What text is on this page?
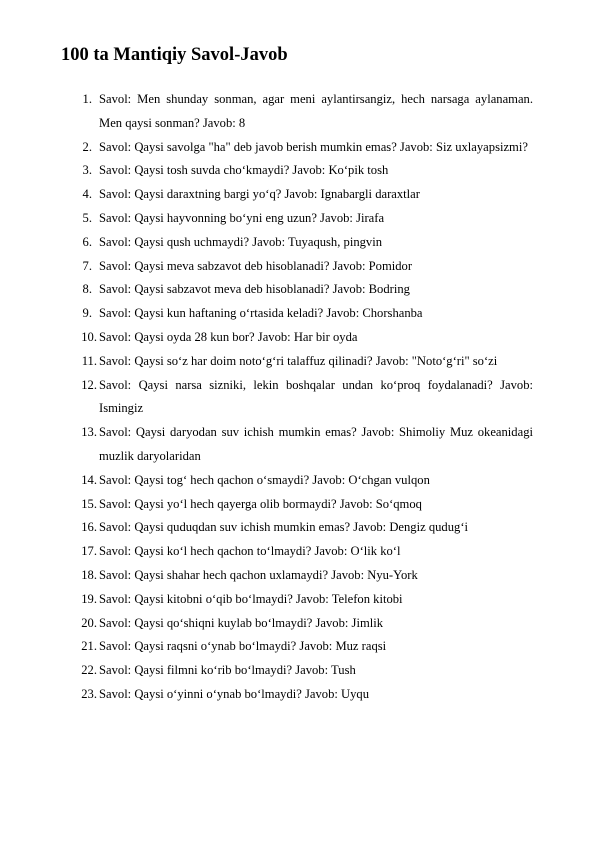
100 ta Mantiqiy Savol-Javob
1. Savol: Men shunday sonman, agar meni aylantirsangiz, hech narsaga aylanaman. Men qaysi sonman? Javob: 8
2. Savol: Qaysi savolga "ha" deb javob berish mumkin emas? Javob: Siz uxlayapsizmi?
3. Savol: Qaysi tosh suvda cho‘kmaydi? Javob: Ko‘pik tosh
4. Savol: Qaysi daraxtning bargi yo‘q? Javob: Ignabargli daraxtlar
5. Savol: Qaysi hayvonning bo‘yni eng uzun? Javob: Jirafa
6. Savol: Qaysi qush uchmaydi? Javob: Tuyaqush, pingvin
7. Savol: Qaysi meva sabzavot deb hisoblanadi? Javob: Pomidor
8. Savol: Qaysi sabzavot meva deb hisoblanadi? Javob: Bodring
9. Savol: Qaysi kun haftaning o‘rtasida keladi? Javob: Chorshanba
10. Savol: Qaysi oyda 28 kun bor? Javob: Har bir oyda
11. Savol: Qaysi so‘z har doim noto‘g‘ri talaffuz qilinadi? Javob: "Noto‘g‘ri" so‘zi
12. Savol: Qaysi narsa sizniki, lekin boshqalar undan ko‘proq foydalanadi? Javob: Ismingiz
13. Savol: Qaysi daryodan suv ichish mumkin emas? Javob: Shimoliy Muz okeanidagi muzlik daryolaridan
14. Savol: Qaysi tog‘ hech qachon o‘smaydi? Javob: O‘chgan vulqon
15. Savol: Qaysi yo‘l hech qayerga olib bormaydi? Javob: So‘qmoq
16. Savol: Qaysi quduqdan suv ichish mumkin emas? Javob: Dengiz qudug‘i
17. Savol: Qaysi ko‘l hech qachon to‘lmaydi? Javob: O‘lik ko‘l
18. Savol: Qaysi shahar hech qachon uxlamaydi? Javob: Nyu-York
19. Savol: Qaysi kitobni o‘qib bo‘lmaydi? Javob: Telefon kitobi
20. Savol: Qaysi qo‘shiqni kuylab bo‘lmaydi? Javob: Jimlik
21. Savol: Qaysi raqsni o‘ynab bo‘lmaydi? Javob: Muz raqsi
22. Savol: Qaysi filmni ko‘rib bo‘lmaydi? Javob: Tush
23. Savol: Qaysi o‘yinni o‘ynab bo‘lmaydi? Javob: Uyqu
